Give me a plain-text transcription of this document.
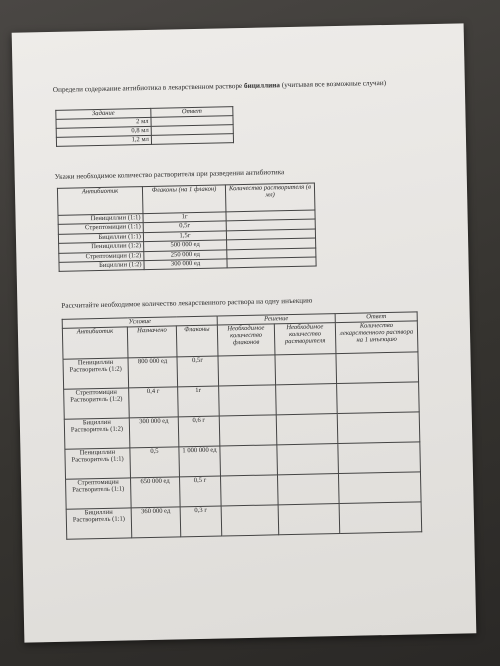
Определи содержание антибиотика в лекарственном растворе бициллина (учитывая все возможные случаи)
Задание	Ответ
2 мл	
0,8 мл	
1,2 мл	
Укажи необходимое количество растворителя при разведении антибиотика
Антибиотик	Флаконы (на 1 флакон)	Количество растворителя (в мл)
Пенициллин (1:1)	1г	
Стрептомицин (1:1)	0,5г	
Бициллин (1:1)	1,5г	
Пенициллин (1:2)	500 000 ед	
Стрептомицин (1:2)	250 000 ед	
Бициллин (1:2)	300 000 ед	
Рассчитайте необходимое количество лекарственного раствора на одну инъекцию
Условие			Решение		Ответ
Антибиотик	Назначено	Флаконы	Необходимое количество флаконов	Необходимое количество растворителя	Количество лекарственного раствора на 1 инъекцию
Пенициллин Растворитель (1:2)	800 000 ед	0,5г			
Стрептомицин Растворитель (1:2)	0,4 г	1г			
Бициллин Растворитель (1:2)	300 000 ед	0,6 г			
Пенициллин Растворитель (1:1)	0,5	1 000 000 ед			
Стрептомицин Растворитель (1:1)	650 000 ед	0,5 г			
Бициллин Растворитель (1:1)	360 000 ед	0,3 г			
